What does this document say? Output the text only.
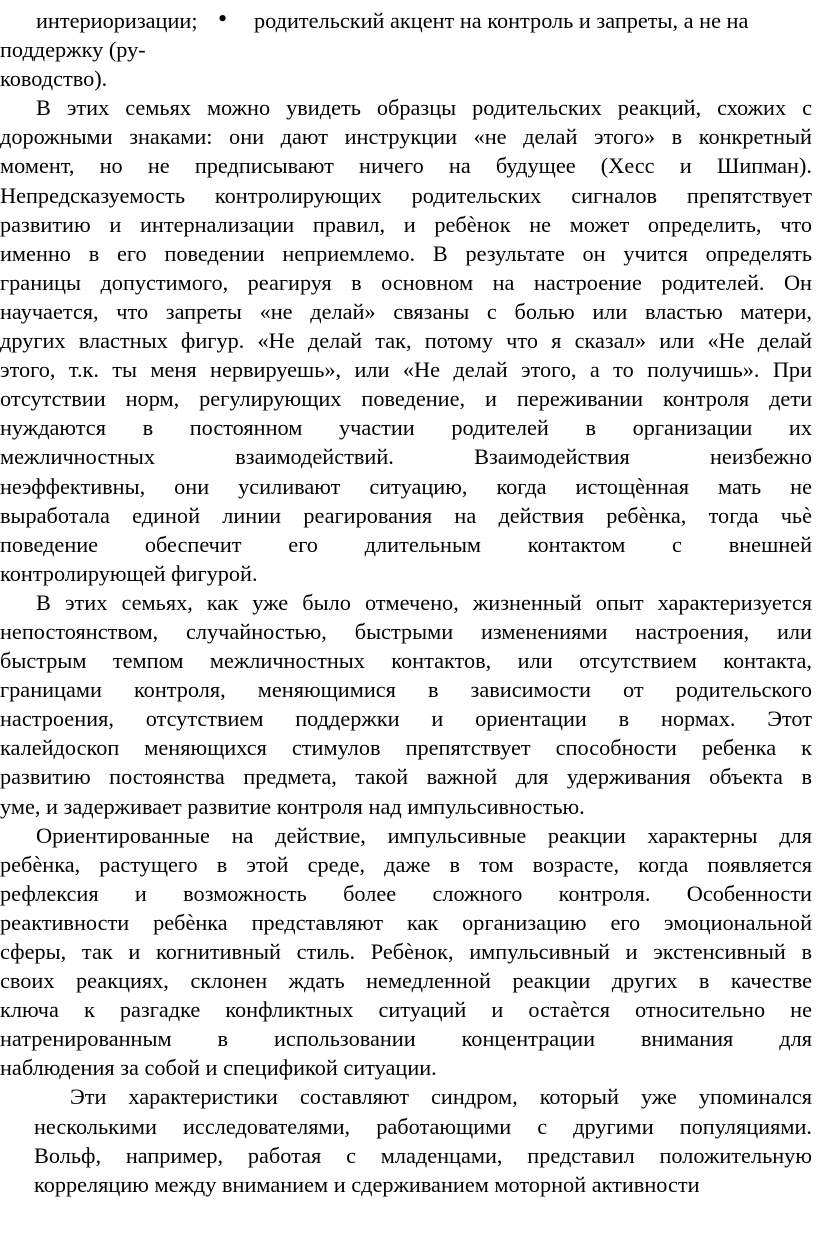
интериоризации; • родительский акцент на контроль и запреты, а не на
поддержку (ру-
ководство).
В этих семьях можно увидеть образцы родительских реакций, схожих с
дорожными знаками: они дают инструкции «не делай этого» в конкретный
момент, но не предписывают ничего на будущее (Хесс и Шипман).
Непредсказуемость контролирующих родительских сигналов препятствует
развитию и интернализации правил, и ребѐнок не может определить, что
именно в его поведении неприемлемо. В результате он учится определять
границы допустимого, реагируя в основном на настроение родителей. Он
научается, что запреты «не делай» связаны с болью или властью матери,
других властных фигур. «Не делай так, потому что я сказал» или «Не делай
этого, т.к. ты меня нервируешь», или «Не делай этого, а то получишь». При
отсутствии норм, регулирующих поведение, и переживании контроля дети
нуждаются в постоянном участии родителей в организации их
межличностных взаимодействий. Взаимодействия неизбежно
неэффективны, они усиливают ситуацию, когда истощѐнная мать не
выработала единой линии реагирования на действия ребѐнка, тогда чьѐ
поведение обеспечит его длительным контактом с внешней
контролирующей фигурой.
В этих семьях, как уже было отмечено, жизненный опыт характеризуется
непостоянством, случайностью, быстрыми изменениями настроения, или
быстрым темпом межличностных контактов, или отсутствием контакта,
границами контроля, меняющимися в зависимости от родительского
настроения, отсутствием поддержки и ориентации в нормах. Этот
калейдоскоп меняющихся стимулов препятствует способности ребенка к
развитию постоянства предмета, такой важной для удерживания объекта в
уме, и задерживает развитие контроля над импульсивностью.
Ориентированные на действие, импульсивные реакции характерны для
ребѐнка, растущего в этой среде, даже в том возрасте, когда появляется
рефлексия и возможность более сложного контроля. Особенности
реактивности ребѐнка представляют как организацию его эмоциональной
сферы, так и когнитивный стиль. Ребѐнок, импульсивный и экстенсивный в
своих реакциях, склонен ждать немедленной реакции других в качестве
ключа к разгадке конфликтных ситуаций и остаѐтся относительно не
натренированным в использовании концентрации внимания для
наблюдения за собой и спецификой ситуации.
Эти характеристики составляют синдром, который уже упоминался
несколькими исследователями, работающими с другими популяциями.
Вольф, например, работая с младенцами, представил положительную
корреляцию между вниманием и сдерживанием моторной активности
